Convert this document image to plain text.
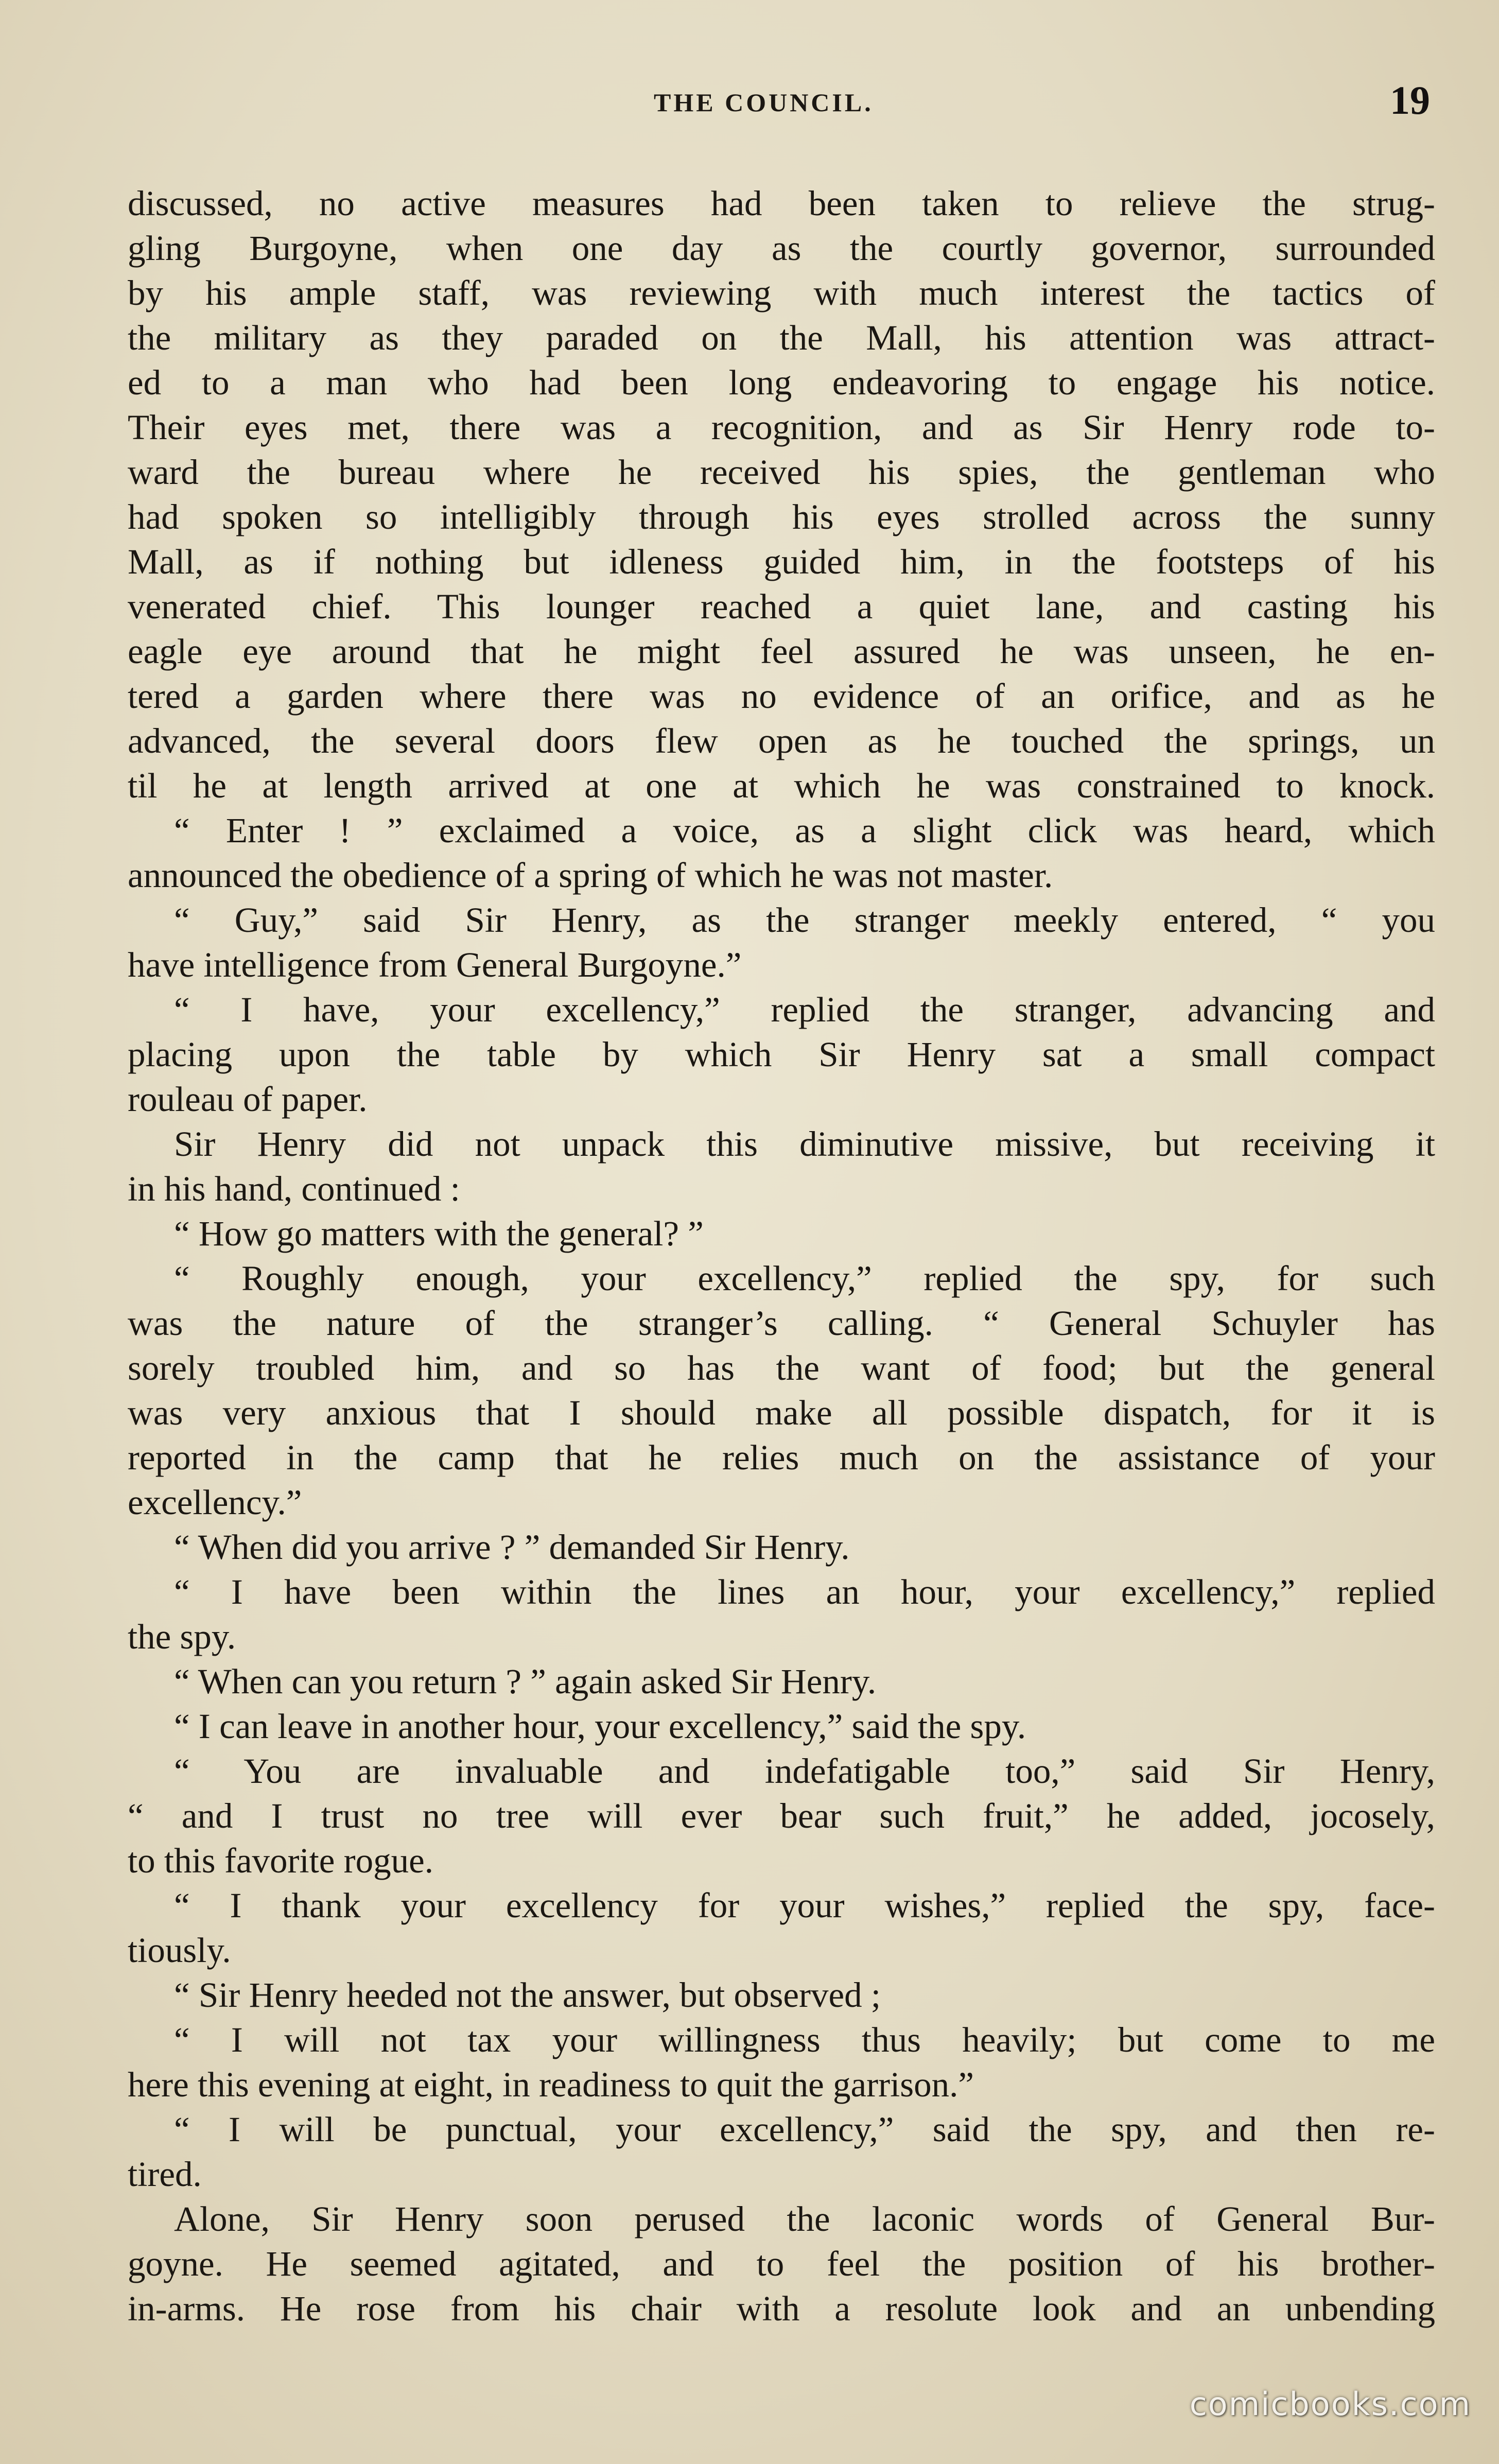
THE COUNCIL.	19
discussed, no active measures had been taken to relieve the strug-
gling Burgoyne, when one day as the courtly governor, surrounded
by his ample staff, was reviewing with much interest the tactics of
the military as they paraded on the Mall, his attention was attract-
ed to a man who had been long endeavoring to engage his notice.
Their eyes met, there was a recognition, and as Sir Henry rode to-
ward the bureau where he received his spies, the gentleman who
had spoken so intelligibly through his eyes strolled across the sunny
Mall, as if nothing but idleness guided him, in the footsteps of his
venerated chief. This lounger reached a quiet lane, and casting his
eagle eye around that he might feel assured he was unseen, he en-
tered a garden where there was no evidence of an orifice, and as he
advanced, the several doors flew open as he touched the springs, un
til he at length arrived at one at which he was constrained to knock.
“ Enter ! ” exclaimed a voice, as a slight click was heard, which
announced the obedience of a spring of which he was not master.
“ Guy,” said Sir Henry, as the stranger meekly entered, “ you
have intelligence from General Burgoyne.”
“ I have, your excellency,” replied the stranger, advancing and
placing upon the table by which Sir Henry sat a small compact
rouleau of paper.
Sir Henry did not unpack this diminutive missive, but receiving it
in his hand, continued :
“ How go matters with the general? ”
“ Roughly enough, your excellency,” replied the spy, for such
was the nature of the stranger’s calling. “ General Schuyler has
sorely troubled him, and so has the want of food; but the general
was very anxious that I should make all possible dispatch, for it is
reported in the camp that he relies much on the assistance of your
excellency.”
“ When did you arrive ? ” demanded Sir Henry.
“ I have been within the lines an hour, your excellency,” replied
the spy.
“ When can you return ? ” again asked Sir Henry.
“ I can leave in another hour, your excellency,” said the spy.
“ You are invaluable and indefatigable too,” said Sir Henry,
“ and I trust no tree will ever bear such fruit,” he added, jocosely,
to this favorite rogue.
“ I thank your excellency for your wishes,” replied the spy, face-
tiously.
“ Sir Henry heeded not the answer, but observed ;
“ I will not tax your willingness thus heavily; but come to me
here this evening at eight, in readiness to quit the garrison.”
“ I will be punctual, your excellency,” said the spy, and then re-
tired.
Alone, Sir Henry soon perused the laconic words of General Bur-
goyne. He seemed agitated, and to feel the position of his brother-
in-arms. He rose from his chair with a resolute look and an unbending
comicbooks.com
